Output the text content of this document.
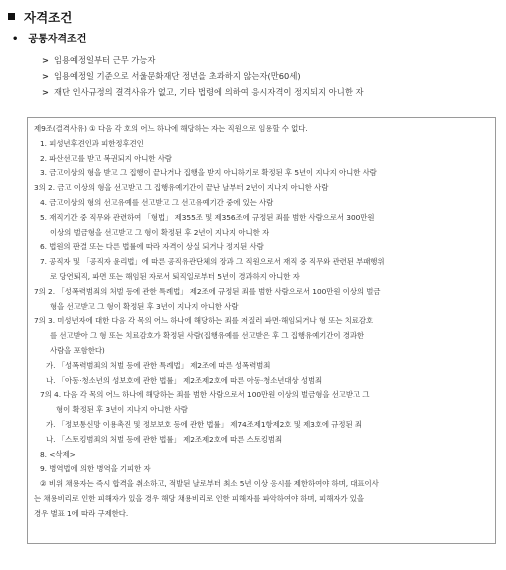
자격조건
• 공통자격조건
> 임용예정일부터 근무 가능자
> 임용예정일 기준으로 서울문화재단 정년을 초과하지 않는자(만60세)
> 재단 인사규정의 결격사유가 없고, 기타 법령에 의하여 응시자격이 정지되지 아니한 자
제9조(결격사유) ① 다음 각 호의 어느 하나에 해당하는 자는 직원으로 임용할 수 없다.
1. 피성년후견인과 피한정후견인
2. 파산선고를 받고 복권되지 아니한 사람
3. 금고이상의 형을 받고 그 집행이 끝나거나 집행을 받지 아니하기로 확정된 후 5년이 지나지 아니한 사람
3의 2. 금고 이상의 형을 선고받고 그 집행유예기간이 끝난 날부터 2년이 지나지 아니한 사람
4. 금고이상의 형의 선고유예를 선고받고 그 선고유예기간 중에 있는 사람
5. 재직기간 중 직무와 관련하여 「형법」 제355조 및 제356조에 규정된 죄를 범한 사람으로서 300만원
이상의 벌금형을 선고받고 그 형이 확정된 후 2년이 지나지 아니한 자
6. 법원의 판결 또는 다른 법률에 따라 자격이 상실 되거나 정지된 사람
7. 공직자 및 「공직자 윤리법」에 따른 공직유관단체의 장과 그 직원으로서 재직 중 직무와 관련된 부패행위
로 당연퇴직, 파면 또는 해임된 자로서 퇴직일로부터 5년이 경과하지 아니한 자
7의 2. 「성폭력범죄의 처벌 등에 관한 특례법」 제2조에 규정된 죄를 범한 사람으로서 100만원 이상의 벌금
형을 선고받고 그 형이 확정된 후 3년이 지나지 아니한 사람
7의 3. 미성년자에 대한 다음 각 목의 어느 하나에 해당하는 죄를 저질러 파면·해임되거나 형 또는 치료감호
를 선고받아 그 형 또는 치료감호가 확정된 사람(집행유예를 선고받은 후 그 집행유예기간이 경과한
사람을 포함한다)
가. 「성폭력범죄의 처벌 등에 관한 특례법」 제2조에 따른 성폭력범죄
나. 「아동·청소년의 성보호에 관한 법률」 제2조제2호에 따른 아동·청소년대상 성범죄
7의 4. 다음 각 목의 어느 하나에 해당하는 죄를 범한 사람으로서 100만원 이상의 벌금형을 선고받고 그
형이 확정된 후 3년이 지나지 아니한 사람
가. 「정보통신망 이용촉진 및 정보보호 등에 관한 법률」 제74조제1항제2호 및 제3호에 규정된 죄
나. 「스토킹범죄의 처벌 등에 관한 법률」 제2조제2호에 따른 스토킹범죄
8. <삭제>
9. 병역법에 의한 병역을 기피한 자
② 비위 채용자는 즉시 합격을 취소하고, 적발된 날로부터 최소 5년 이상 응시를 제한하여야 하며, 대표이사
는 채용비리로 인한 피해자가 있을 경우 해당 채용비리로 인한 피해자를 파악하여야 하며, 피해자가 있을
경우 별표 1에 따라 구제한다.
